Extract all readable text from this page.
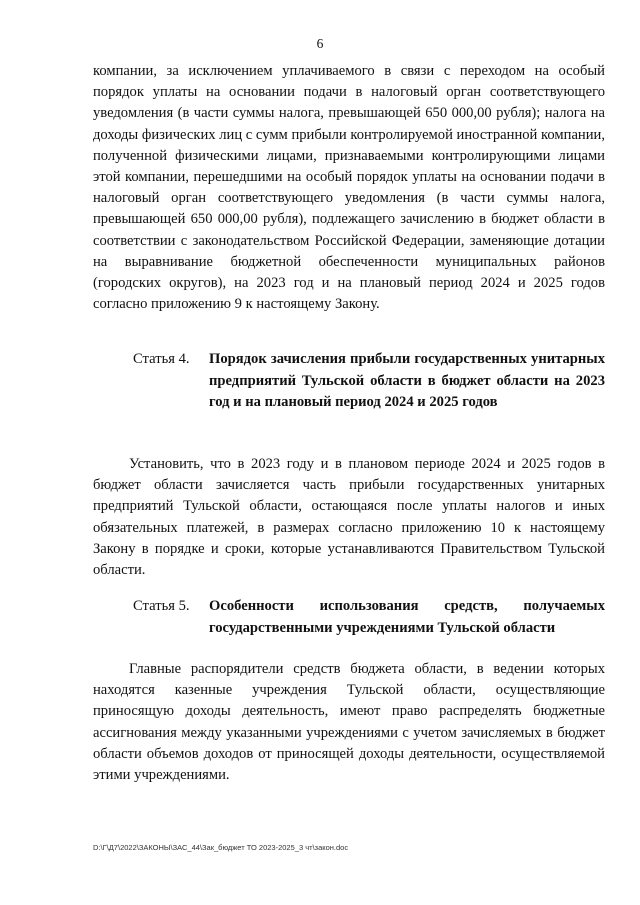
6

компании, за исключением уплачиваемого в связи с переходом на особый порядок уплаты на основании подачи в налоговый орган соответствующего уведомления (в части суммы налога, превышающей 650 000,00 рубля); налога на доходы физических лиц с сумм прибыли контролируемой иностранной компании, полученной физическими лицами, признаваемыми контролирующими лицами этой компании, перешедшими на особый порядок уплаты на основании подачи в налоговый орган соответствующего уведомления (в части суммы налога, превышающей 650 000,00 рубля), подлежащего зачислению в бюджет области в соответствии с законодательством Российской Федерации, заменяющие дотации на выравнивание бюджетной обеспеченности муниципальных районов (городских округов), на 2023 год и на плановый период 2024 и 2025 годов согласно приложению 9 к настоящему Закону.

Статья 4.	Порядок зачисления прибыли государственных унитарных предприятий Тульской области в бюджет области на 2023 год и на плановый период 2024 и 2025 годов

Установить, что в 2023 году и в плановом периоде 2024 и 2025 годов в бюджет области зачисляется часть прибыли государственных унитарных предприятий Тульской области, остающаяся после уплаты налогов и иных обязательных платежей, в размерах согласно приложению 10 к настоящему Закону в порядке и сроки, которые устанавливаются Правительством Тульской области.

Статья 5.	Особенности использования средств, получаемых государственными учреждениями Тульской области

Главные распорядители средств бюджета области, в ведении которых находятся казенные учреждения Тульской области, осуществляющие приносящую доходы деятельность, имеют право распределять бюджетные ассигнования между указанными учреждениями с учетом зачисляемых в бюджет области объемов доходов от приносящей доходы деятельности, осуществляемой этими учреждениями.

D:\Г\Д7\2022\ЗАКОНЫ\ЗАС_44\Зак_бюджет ТО 2023-2025_3 чт\закон.doc
